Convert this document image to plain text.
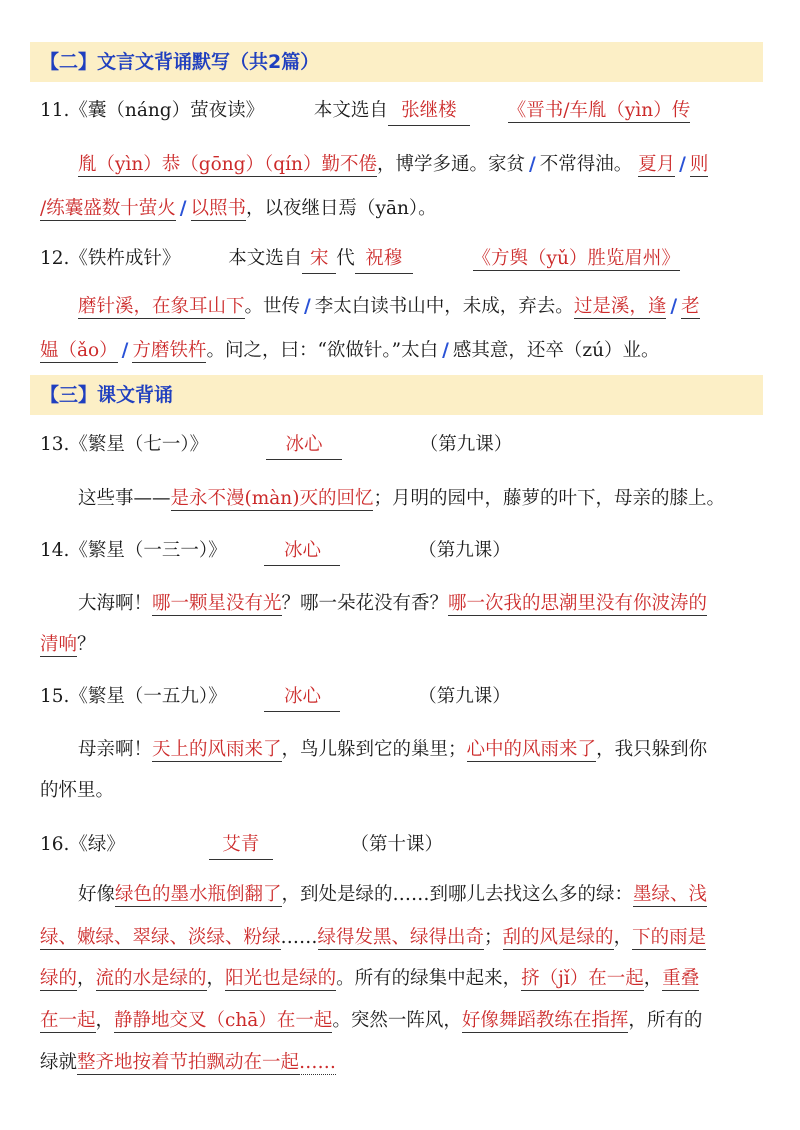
【二】文言文背诵默写（共2篇）
11.《囊（náng）萤夜读》	本文选自 张继楼	《晋书/车胤（yìn）传
胤（yìn）恭（gōng）（qín）勤不倦，博学多通。家贫 / 不常得油。 夏月 / 则
/练囊盛数十萤火 / 以照书，以夜继日焉（yān）。
12.《铁杵成针》	本文选自 宋 代 祝穆	《方舆（yǔ）胜览眉州》
磨针溪，在象耳山下。世传 / 李太白读书山中，未成，弃去。过是溪，逢 / 老
媪（ǎo） / 方磨铁杵。问之，曰：“欲做针。”太白 / 感其意，还卒（zú）业。
【三】课文背诵
13.《繁星（七一）》	冰心	（第九课）
这些事——是永不漫(màn)灭的回忆；月明的园中，藤萝的叶下，母亲的膝上。
14.《繁星（一三一）》	冰心	（第九课）
大海啊！哪一颗星没有光？哪一朵花没有香？哪一次我的思潮里没有你波涛的
清响？
15.《繁星（一五九）》	冰心	（第九课）
母亲啊！天上的风雨来了，鸟儿躲到它的巢里；心中的风雨来了，我只躲到你
的怀里。
16.《绿》	艾青	（第十课）
好像绿色的墨水瓶倒翻了，到处是绿的……到哪儿去找这么多的绿：墨绿、浅
绿、嫩绿、翠绿、淡绿、粉绿……绿得发黑、绿得出奇；刮的风是绿的，下的雨是
绿的，流的水是绿的，阳光也是绿的。所有的绿集中起来，挤（jǐ）在一起，重叠
在一起，静静地交叉（chā）在一起。突然一阵风，好像舞蹈教练在指挥，所有的
绿就整齐地按着节拍飘动在一起……
